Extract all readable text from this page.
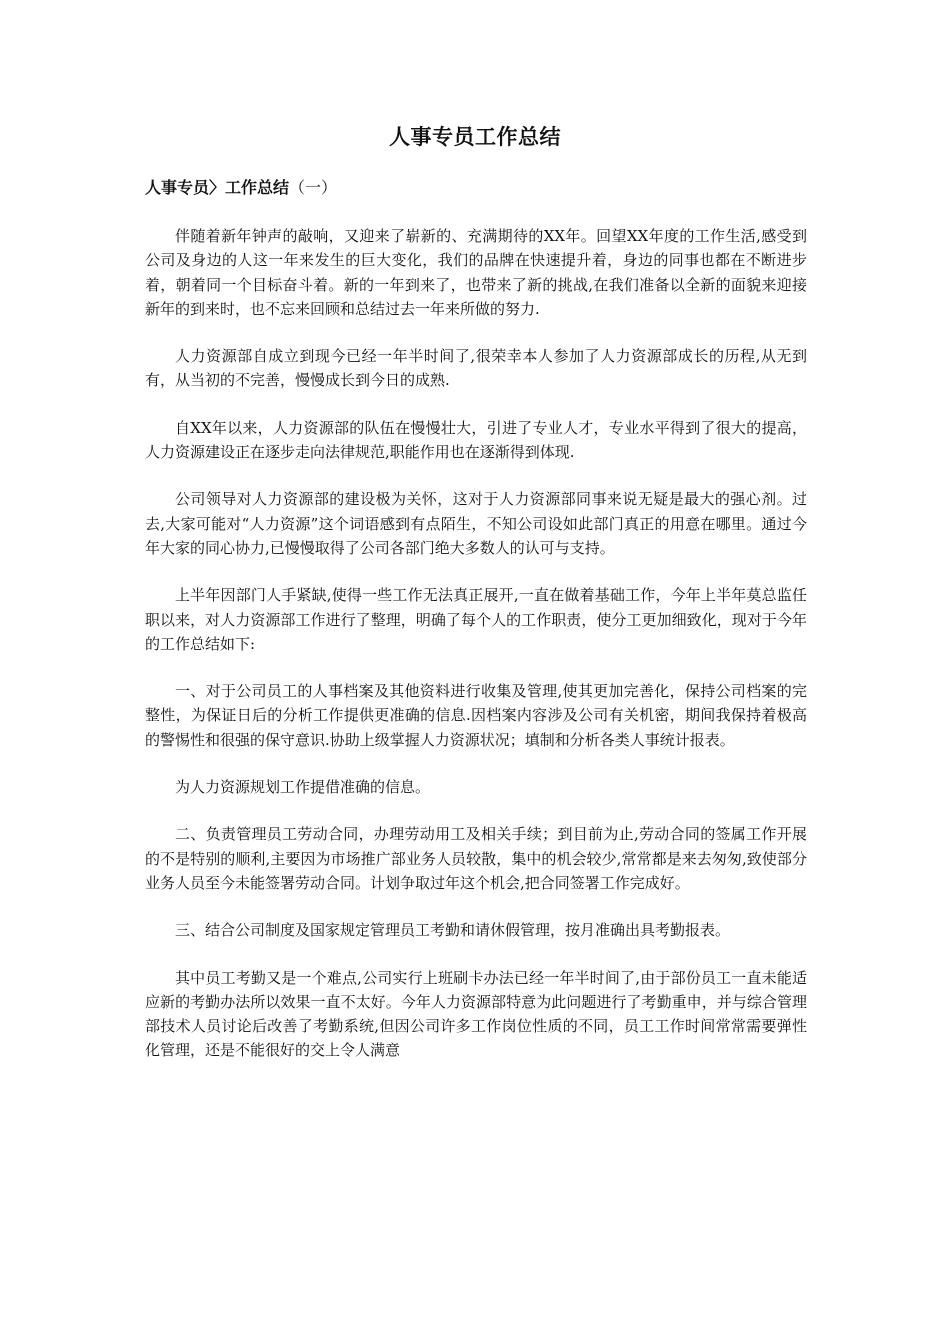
人事专员工作总结
人事专员〉工作总结（一）

伴随着新年钟声的敲响，又迎来了崭新的、充满期待的XX年。回望XX年度的工作生活,感受到公司及身边的人这一年来发生的巨大变化，我们的品牌在快速提升着，身边的同事也都在不断进步着，朝着同一个目标奋斗着。新的一年到来了，也带来了新的挑战,在我们准备以全新的面貌来迎接新年的到来时，也不忘来回顾和总结过去一年来所做的努力.

人力资源部自成立到现今已经一年半时间了,很荣幸本人参加了人力资源部成长的历程,从无到有，从当初的不完善，慢慢成长到今日的成熟.

自XX年以来，人力资源部的队伍在慢慢壮大，引进了专业人才，专业水平得到了很大的提高，人力资源建设正在逐步走向法律规范,职能作用也在逐渐得到体现.

公司领导对人力资源部的建设极为关怀，这对于人力资源部同事来说无疑是最大的强心剂。过去,大家可能对“人力资源”这个词语感到有点陌生，不知公司设如此部门真正的用意在哪里。通过今年大家的同心协力,已慢慢取得了公司各部门绝大多数人的认可与支持。

上半年因部门人手紧缺,使得一些工作无法真正展开,一直在做着基础工作，今年上半年莫总监任职以来，对人力资源部工作进行了整理，明确了每个人的工作职责，使分工更加细致化，现对于今年的工作总结如下:

一、对于公司员工的人事档案及其他资料进行收集及管理,使其更加完善化，保持公司档案的完整性，为保证日后的分析工作提供更准确的信息.因档案内容涉及公司有关机密，期间我保持着极高的警惕性和很强的保守意识.协助上级掌握人力资源状况；填制和分析各类人事统计报表。

为人力资源规划工作提借准确的信息。

二、负责管理员工劳动合同，办理劳动用工及相关手续；到目前为止,劳动合同的签属工作开展的不是特别的顺利,主要因为市场推广部业务人员较散，集中的机会较少,常常都是来去匆匆,致使部分业务人员至今未能签署劳动合同。计划争取过年这个机会,把合同签署工作完成好。

三、结合公司制度及国家规定管理员工考勤和请休假管理，按月准确出具考勤报表。

其中员工考勤又是一个难点,公司实行上班刷卡办法已经一年半时间了,由于部份员工一直未能适应新的考勤办法所以效果一直不太好。今年人力资源部特意为此问题进行了考勤重申，并与综合管理部技术人员讨论后改善了考勤系统,但因公司许多工作岗位性质的不同，员工工作时间常常需要弹性化管理，还是不能很好的交上令人满意
